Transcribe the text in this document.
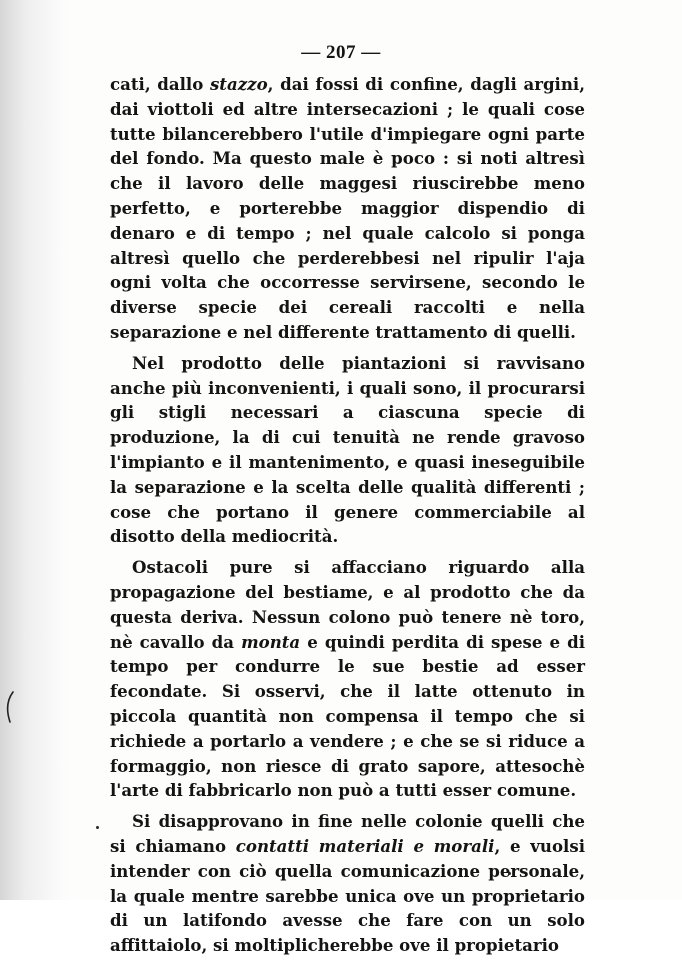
— 207 —

cati, dallo stazzo, dai fossi di confine, dagli argini, dai viottoli ed altre intersecazioni ; le quali cose tutte bilancerebbero l'utile d'impiegare ogni parte del fondo. Ma questo male è poco : si noti altresì che il lavoro delle maggesi riuscirebbe meno perfetto, e porterebbe maggior dispendio di denaro e di tempo ; nel quale calcolo si ponga altresì quello che perderebbesi nel ripulir l'aja ogni volta che occorresse servirsene, secondo le diverse specie dei cereali raccolti e nella separazione e nel differente trattamento di quelli.

Nel prodotto delle piantazioni si ravvisano anche più inconvenienti, i quali sono, il procurarsi gli stigli necessari a ciascuna specie di produzione, la di cui tenuità ne rende gravoso l'impianto e il mantenimento, e quasi ineseguibile la separazione e la scelta delle qualità differenti ; cose che portano il genere commerciabile al disotto della mediocrità.

Ostacoli pure si affacciano riguardo alla propagazione del bestiame, e al prodotto che da questa deriva. Nessun colono può tenere nè toro, nè cavallo da monta e quindi perdita di spese e di tempo per condurre le sue bestie ad esser fecondate. Si osservi, che il latte ottenuto in piccola quantità non compensa il tempo che si richiede a portarlo a vendere ; e che se si riduce a formaggio, non riesce di grato sapore, attesochè l'arte di fabbricarlo non può a tutti esser comune.

Si disapprovano in fine nelle colonie quelli che si chiamano contatti materiali e morali, e vuolsi intender con ciò quella comunicazione personale, la quale mentre sarebbe unica ove un proprietario di un latifondo avesse che fare con un solo affittaiolo, si moltiplicherebbe ove il propietario
